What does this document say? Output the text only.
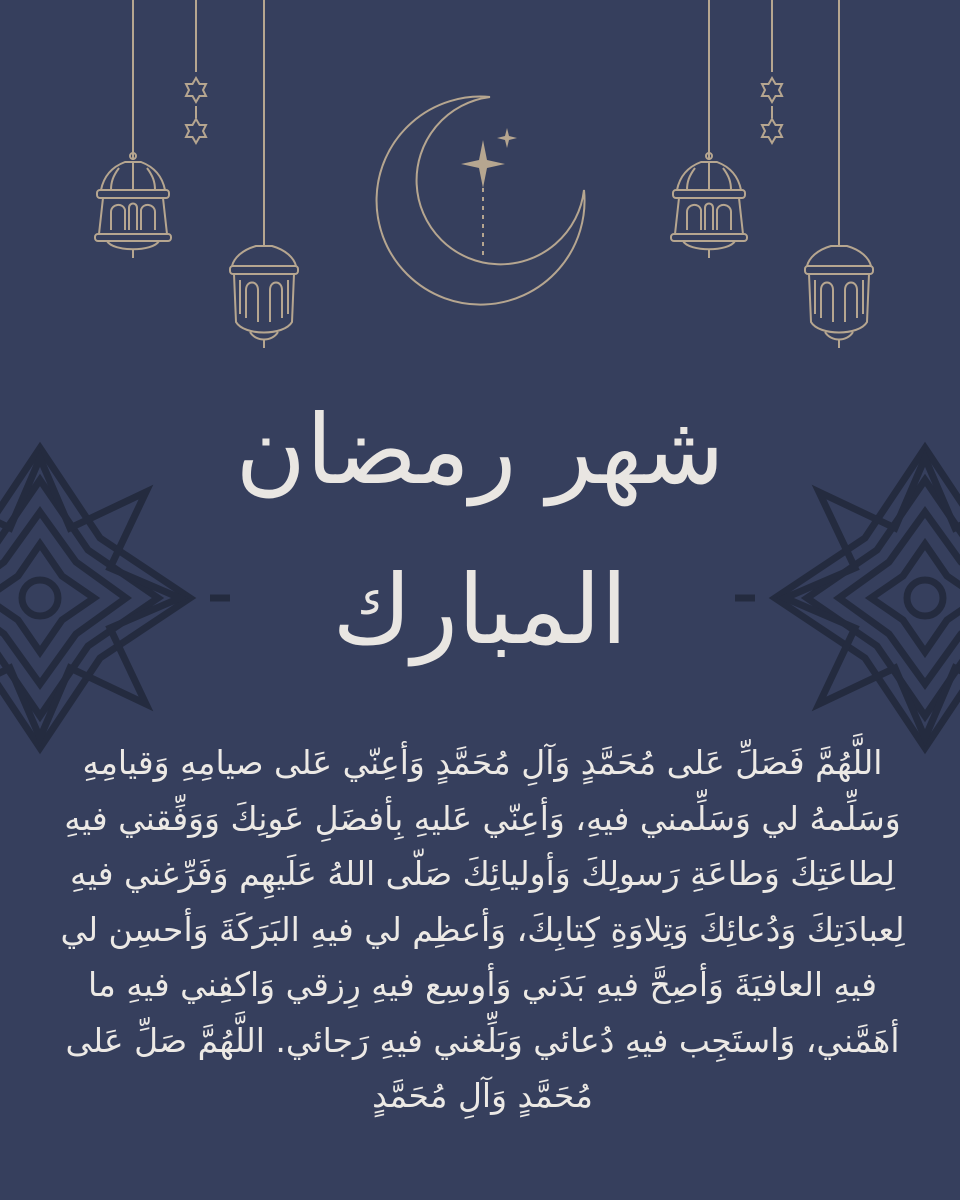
شهر رمضان
المبارك
اللَّهُمَّ فَصَلِّ عَلى مُحَمَّدٍ وَآلِ مُحَمَّدٍ وَأعِنّي عَلى صيامِهِ وَقيامِهِ وَسَلِّمهُ لي وَسَلِّمني فيهِ، وَأعِنّي عَليهِ بِأفضَلِ عَونِكَ وَوَفِّقني فيهِ لِطاعَتِكَ وَطاعَةِ رَسولِكَ وَأوليائِكَ صَلّى اللهُ عَلَيهِم وَفَرِّغني فيهِ لِعبادَتِكَ وَدُعائِكَ وَتِلاوَةِ كِتابِكَ، وَأعظِم لي فيهِ البَرَكَةَ وَأحسِن لي فيهِ العافيَةَ وَأصِحَّ فيهِ بَدَني وَأوسِع فيهِ رِزقي وَاكفِني فيهِ ما أهَمَّني، وَاستَجِب فيهِ دُعائي وَبَلِّغني فيهِ رَجائي. اللَّهُمَّ صَلِّ عَلى مُحَمَّدٍ وَآلِ مُحَمَّدٍ
